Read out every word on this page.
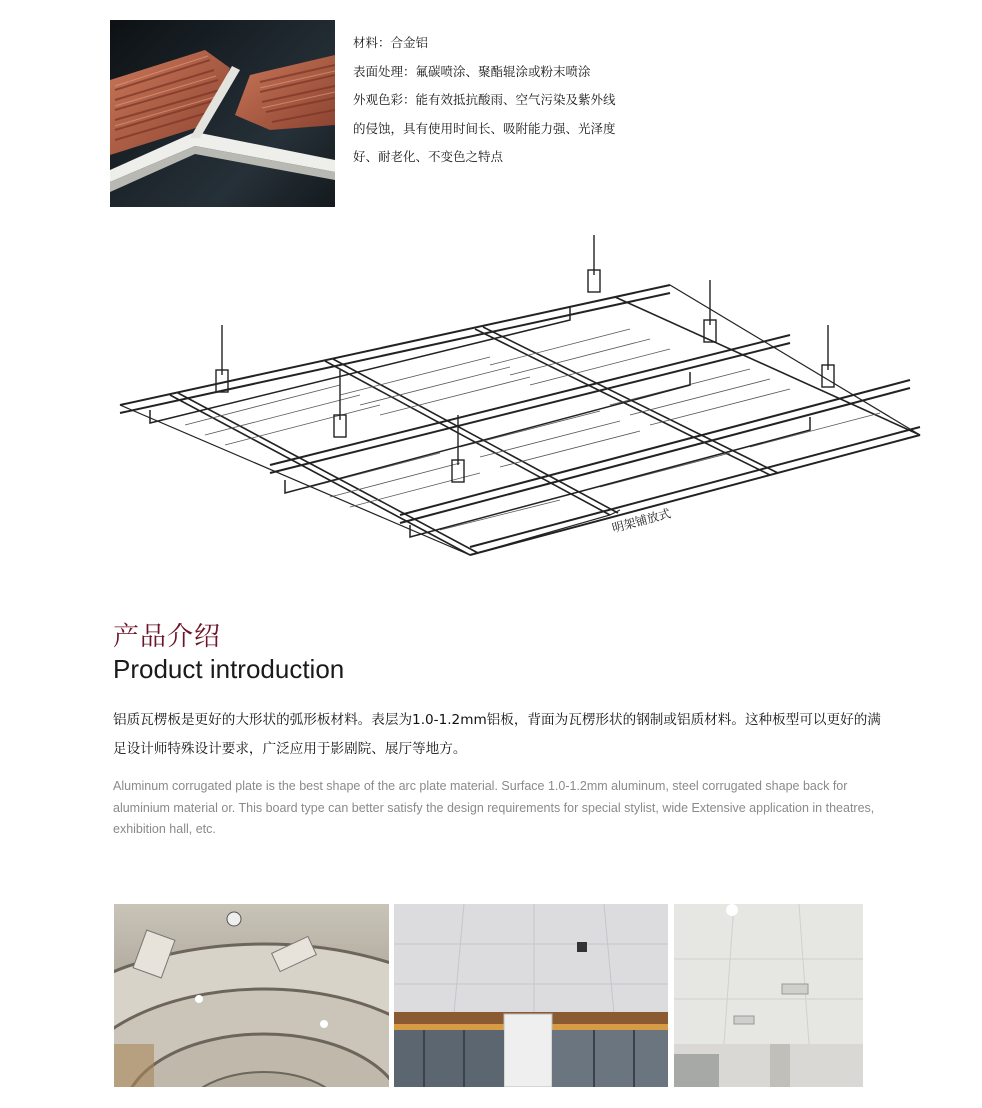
材料：合金铝
表面处理：氟碳喷涂、聚酯辊涂或粉末喷涂
外观色彩：能有效抵抗酸雨、空气污染及紫外线
的侵蚀，具有使用时间长、吸附能力强、光泽度
好、耐老化、不变色之特点
明架铺放式
产品介绍
Product introduction
铝质瓦楞板是更好的大形状的弧形板材料。表层为1.0-1.2mm铝板，背面为瓦楞形状的钢制或铝质材料。这种板型可以更好的满足设计师特殊设计要求，广泛应用于影剧院、展厅等地方。
Aluminum corrugated plate is the best shape of the arc plate material. Surface 1.0-1.2mm aluminum, steel corrugated shape back for aluminium material or. This board type can better satisfy the design requirements for special stylist, wide Extensive application in theatres, exhibition hall, etc.
